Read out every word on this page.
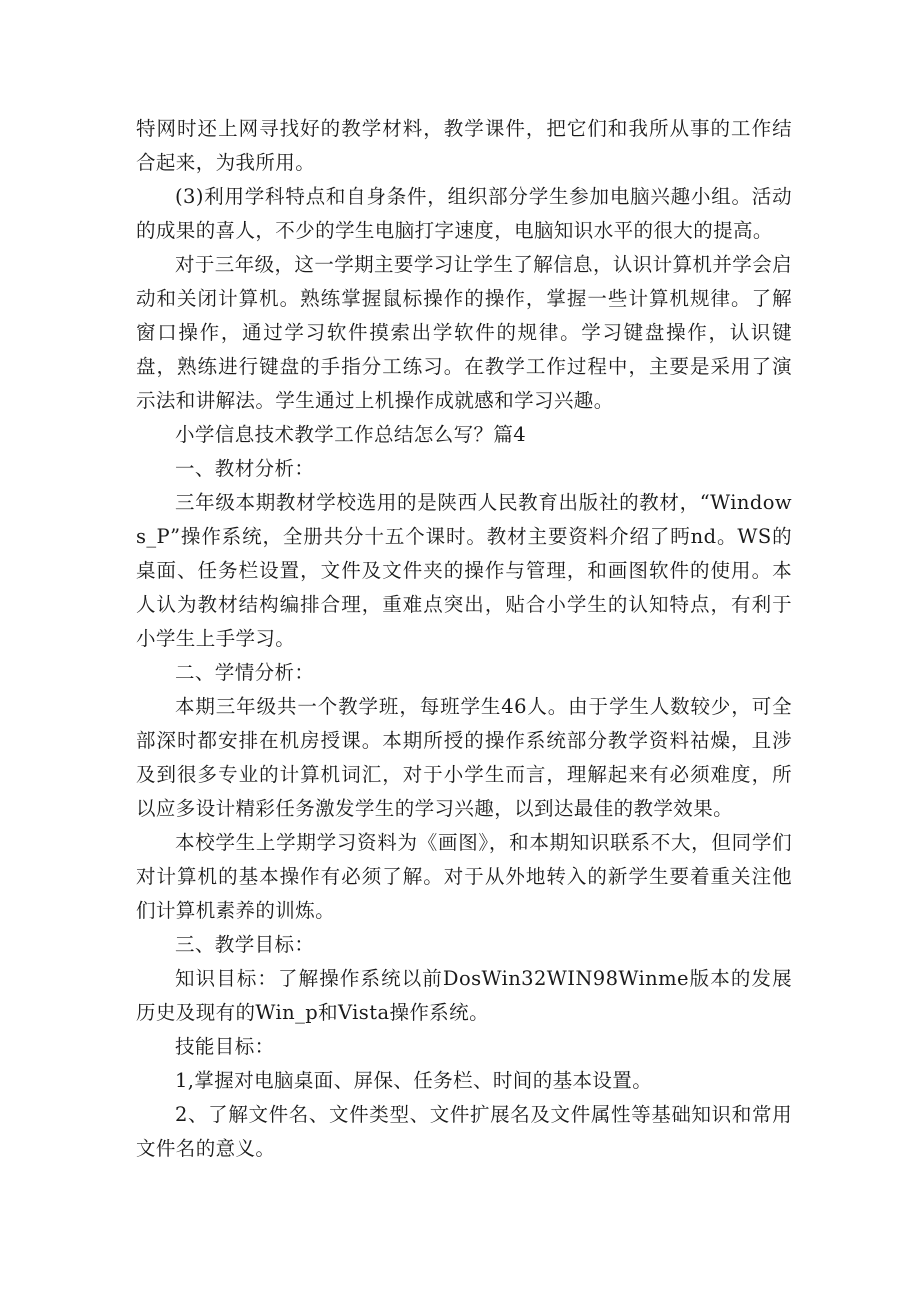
特网时还上网寻找好的教学材料，教学课件，把它们和我所从事的工作结合起来，为我所用。

(3)利用学科特点和自身条件，组织部分学生参加电脑兴趣小组。活动的成果的喜人，不少的学生电脑打字速度，电脑知识水平的很大的提高。

对于三年级，这一学期主要学习让学生了解信息，认识计算机并学会启动和关闭计算机。熟练掌握鼠标操作的操作，掌握一些计算机规律。了解窗口操作，通过学习软件摸索出学软件的规律。学习键盘操作，认识键盘，熟练进行键盘的手指分工练习。在教学工作过程中，主要是采用了演示法和讲解法。学生通过上机操作成就感和学习兴趣。

小学信息技术教学工作总结怎么写？篇4

一、教材分析：

三年级本期教材学校选用的是陕西人民教育出版社的教材，“Windows_P”操作系统，全册共分十五个课时。教材主要资料介绍了眄nd。WS的桌面、任务栏设置，文件及文件夹的操作与管理，和画图软件的使用。本人认为教材结构编排合理，重难点突出，贴合小学生的认知特点，有利于小学生上手学习。

二、学情分析：

本期三年级共一个教学班，每班学生46人。由于学生人数较少，可全部深时都安排在机房授课。本期所授的操作系统部分教学资料祜燥，且涉及到很多专业的计算机词汇，对于小学生而言，理解起来有必须难度，所以应多设计精彩任务激发学生的学习兴趣，以到达最佳的教学效果。

本校学生上学期学习资料为《画图》，和本期知识联系不大，但同学们对计算机的基本操作有必须了解。对于从外地转入的新学生要着重关注他们计算机素养的训炼。

三、教学目标：

知识目标：了解操作系统以前DosWin32WIN98Winme版本的发展历史及现有的Win_p和Vista操作系统。

技能目标：

1,掌握对电脑桌面、屏保、任务栏、时间的基本设置。

2、了解文件名、文件类型、文件扩展名及文件属性等基础知识和常用文件名的意义。
